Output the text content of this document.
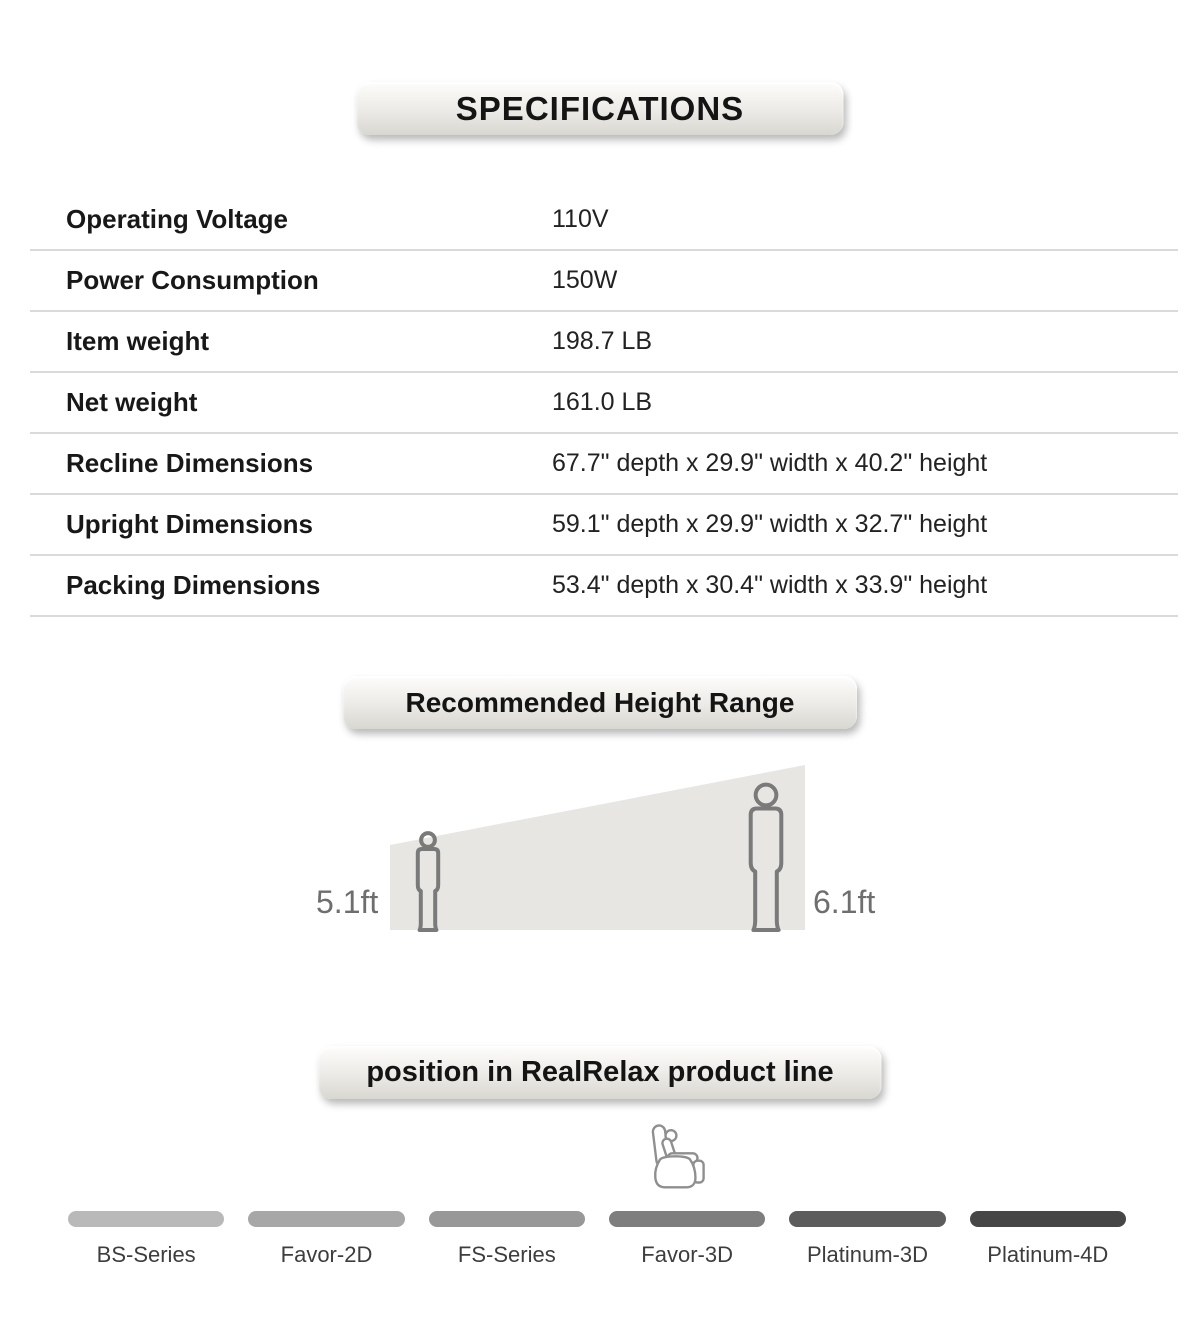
SPECIFICATIONS
Operating Voltage	110V
Power Consumption	150W
Item weight	198.7 LB
Net weight	161.0 LB
Recline Dimensions	67.7" depth x 29.9" width x 40.2" height
Upright Dimensions	59.1" depth x 29.9" width x 32.7" height
Packing Dimensions	53.4" depth x 30.4" width x 33.9" height
Recommended Height Range
5.1ft	6.1ft
position in RealRelax product line
BS-Series	Favor-2D	FS-Series	Favor-3D	Platinum-3D	Platinum-4D
